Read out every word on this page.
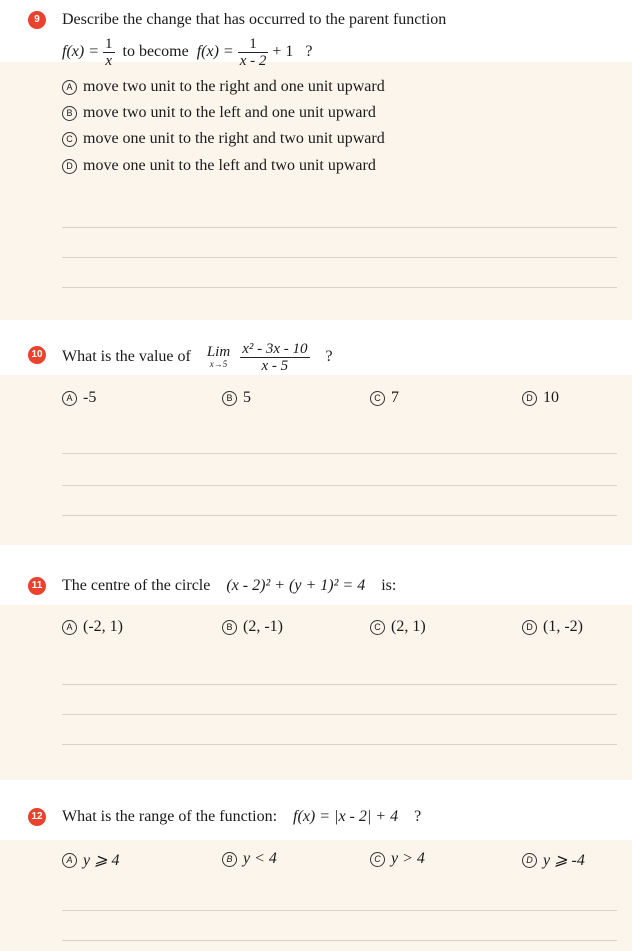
9	Describe the change that has occurred to the parent function
$f(x) = \frac{1}{x}$ to become $f(x) = \frac{1}{x - 2} + 1$ ?
A move two unit to the right and one unit upward
B move two unit to the left and one unit upward
C move one unit to the right and two unit upward
D move one unit to the left and two unit upward
10 What is the value of Lim
x→5
$\frac{\text{x² - 3x - 10}}{x - 5}$ ?
A -5	B 5	C 7	D 10
11 The centre of the circle (x - 2)² + (y + 1)² = 4 is:
A (-2, 1)	B (2, -1)	C (2, 1)	D (1, -2)
12 What is the range of the function: f(x) = |x - 2| + 4 ?
A y ⩾ 4	B y < 4	C y > 4	D y ⩾ -4
